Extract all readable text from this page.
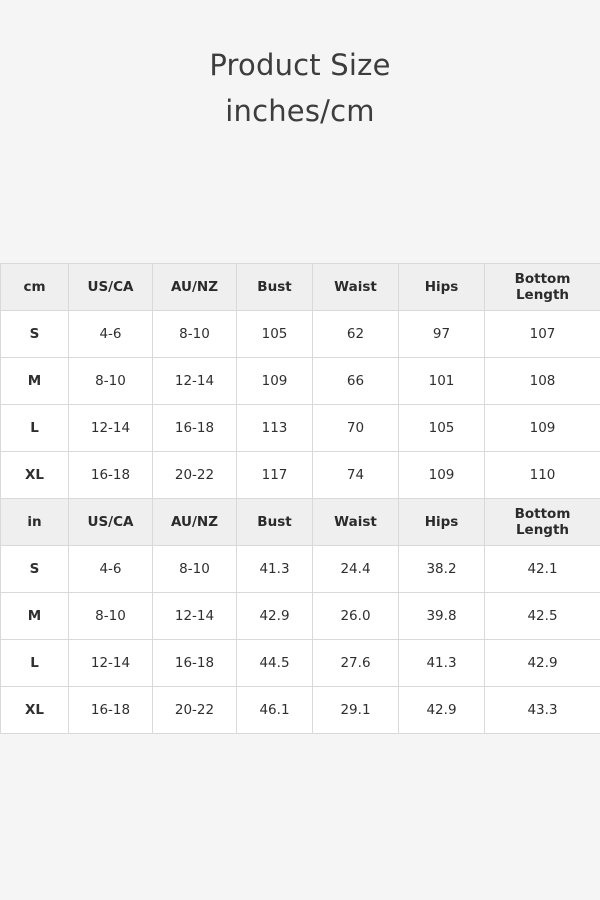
Product Size
inches/cm
cm	US/CA	AU/NZ	Bust	Waist	Hips	Bottom
Length

S	4-6	8-10	105	62	97	107
M	8-10	12-14	109	66	101	108
L	12-14	16-18	113	70	105	109
XL	16-18	20-22	117	74	109	110
in	US/CA	AU/NZ	Bust	Waist	Hips	Bottom
Length

S	4-6	8-10	41.3	24.4	38.2	42.1
M	8-10	12-14	42.9	26.0	39.8	42.5
L	12-14	16-18	44.5	27.6	41.3	42.9
XL	16-18	20-22	46.1	29.1	42.9	43.3
